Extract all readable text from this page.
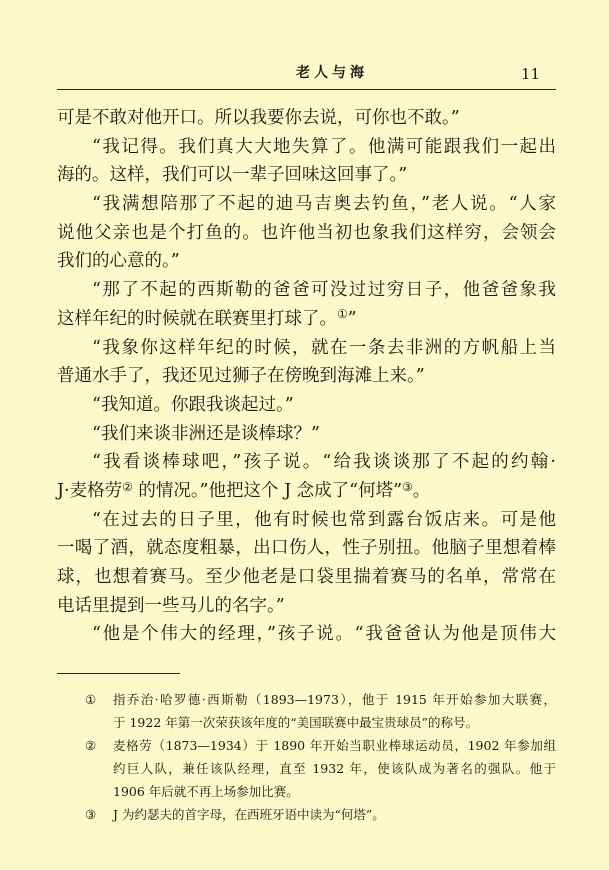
老人与海	11
可是不敢对他开口。所以我要你去说，可你也不敢。”
“我记得。我们真大大地失算了。他满可能跟我们一起出
海的。这样，我们可以一辈子回味这回事了。”
“我满想陪那了不起的迪马吉奥去钓鱼，”老人说。“人家
说他父亲也是个打鱼的。也许他当初也象我们这样穷，会领会
我们的心意的。”
“那了不起的西斯勒的爸爸可没过过穷日子，他爸爸象我
这样年纪的时候就在联赛里打球了。①”
“我象你这样年纪的时候，就在一条去非洲的方帆船上当
普通水手了，我还见过狮子在傍晚到海滩上来。”
“我知道。你跟我谈起过。”
“我们来谈非洲还是谈棒球？”
“我看谈棒球吧，”孩子说。“给我谈谈那了不起的约翰·
J·麦格劳② 的情况。”他把这个 J 念成了“何塔”③。
“在过去的日子里，他有时候也常到露台饭店来。可是他
一喝了酒，就态度粗暴，出口伤人，性子别扭。他脑子里想着棒
球，也想着赛马。至少他老是口袋里揣着赛马的名单，常常在
电话里提到一些马儿的名字。”
“他是个伟大的经理，”孩子说。“我爸爸认为他是顶伟大
① 指乔治·哈罗德·西斯勒（1893—1973），他于 1915 年开始参加大联赛，
于 1922 年第一次荣获该年度的“美国联赛中最宝贵球员”的称号。
② 麦格劳（1873—1934）于 1890 年开始当职业棒球运动员，1902 年参加组
约巨人队，兼任该队经理，直至 1932 年，使该队成为著名的强队。他于
1906 年后就不再上场参加比赛。
③ J 为约瑟夫的首字母，在西班牙语中读为“何塔”。
